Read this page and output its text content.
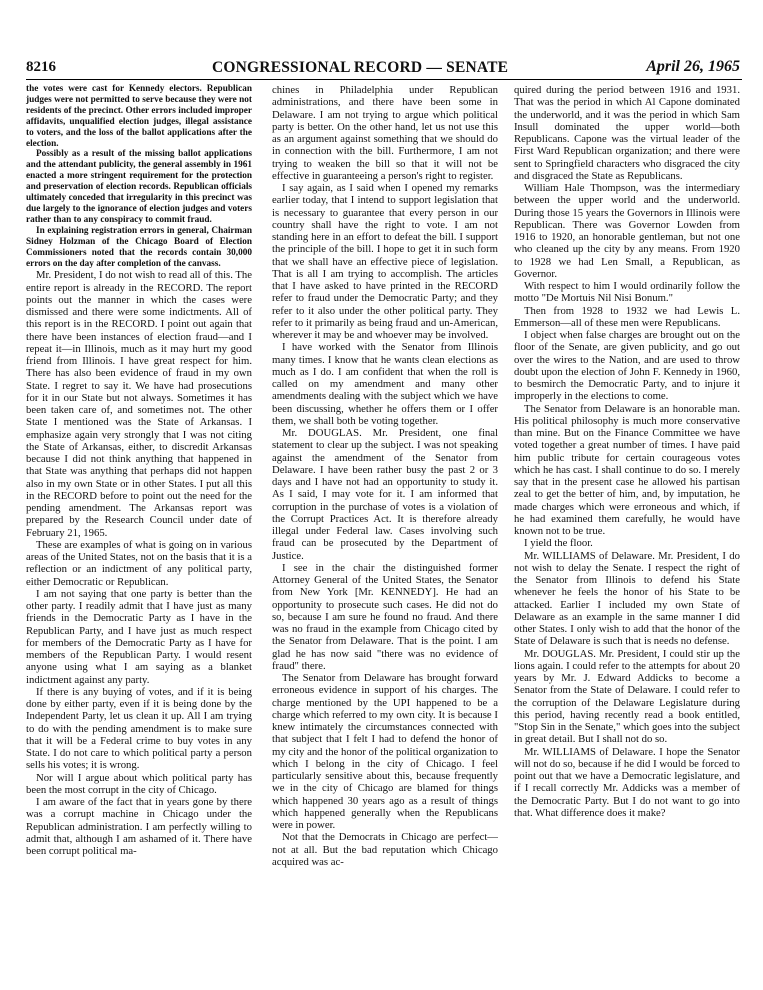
8216	CONGRESSIONAL RECORD — SENATE	April 26, 1965

the votes were cast for Kennedy electors. Republican judges were not permitted to serve because they were not residents of the precinct. Other errors included improper affidavits, unqualified election judges, illegal assistance to voters, and the loss of the ballot applications after the election.

Possibly as a result of the missing ballot applications and the attendant publicity, the general assembly in 1961 enacted a more stringent requirement for the protection and preservation of election records. Republican officials ultimately conceded that irregularity in this precinct was due largely to the ignorance of election judges and voters rather than to any conspiracy to commit fraud.

In explaining registration errors in general, Chairman Sidney Holzman of the Chicago Board of Election Commissioners noted that the records contain 30,000 errors on the day after completion of the canvass.

Mr. President, I do not wish to read all of this. The entire report is already in the RECORD. The report points out the manner in which the cases were dismissed and there were some indictments. All of this report is in the RECORD. I point out again that there have been instances of election fraud—and I repeat it—in Illinois, much as it may hurt my good friend from Illinois. I have great respect for him. There has also been evidence of fraud in my own State. I regret to say it. We have had prosecutions for it in our State but not always. Sometimes it has been taken care of, and sometimes not. The other State I mentioned was the State of Arkansas. I emphasize again very strongly that I was not citing the State of Arkansas, either, to discredit Arkansas because I did not think anything that happened in that State was anything that perhaps did not happen also in my own State or in other States. I put all this in the RECORD before to point out the need for the pending amendment. The Arkansas report was prepared by the Research Council under date of February 21, 1965.

These are examples of what is going on in various areas of the United States, not on the basis that it is a reflection or an indictment of any political party, either Democratic or Republican.

I am not saying that one party is better than the other party. I readily admit that I have just as many friends in the Democratic Party as I have in the Republican Party, and I have just as much respect for members of the Democratic Party as I have for members of the Republican Party. I would resent anyone using what I am saying as a blanket indictment against any party.

If there is any buying of votes, and if it is being done by either party, even if it is being done by the Independent Party, let us clean it up. All I am trying to do with the pending amendment is to make sure that it will be a Federal crime to buy votes in any State. I do not care to which political party a person sells his votes; it is wrong.

Nor will I argue about which political party has been the most corrupt in the city of Chicago.

I am aware of the fact that in years gone by there was a corrupt machine in Chicago under the Republican administration. I am perfectly willing to admit that, although I am ashamed of it. There have been corrupt political ma-

chines in Philadelphia under Republican administrations, and there have been some in Delaware. I am not trying to argue which political party is better. On the other hand, let us not use this as an argument against something that we should do in connection with the bill. Furthermore, I am not trying to weaken the bill so that it will not be effective in guaranteeing a person's right to register.

I say again, as I said when I opened my remarks earlier today, that I intend to support legislation that is necessary to guarantee that every person in our country shall have the right to vote. I am not standing here in an effort to defeat the bill. I support the principle of the bill. I hope to get it in such form that we shall have an effective piece of legislation. That is all I am trying to accomplish. The articles that I have asked to have printed in the RECORD refer to fraud under the Democratic Party; and they refer to it also under the other political party. They refer to it primarily as being fraud and un-American, wherever it may be and whoever may be involved.

I have worked with the Senator from Illinois many times. I know that he wants clean elections as much as I do. I am confident that when the roll is called on my amendment and many other amendments dealing with the subject which we have been discussing, whether he offers them or I offer them, we shall both be voting together.

Mr. DOUGLAS. Mr. President, one final statement to clear up the subject. I was not speaking against the amendment of the Senator from Delaware. I have been rather busy the past 2 or 3 days and I have not had an opportunity to study it. As I said, I may vote for it. I am informed that corruption in the purchase of votes is a violation of the Corrupt Practices Act. It is therefore already illegal under Federal law. Cases involving such fraud can be prosecuted by the Department of Justice.

I see in the chair the distinguished former Attorney General of the United States, the Senator from New York [Mr. KENNEDY]. He had an opportunity to prosecute such cases. He did not do so, because I am sure he found no fraud. And there was no fraud in the example from Chicago cited by the Senator from Delaware. That is the point. I am glad he has now said "there was no evidence of fraud" there.

The Senator from Delaware has brought forward erroneous evidence in support of his charges. The charge mentioned by the UPI happened to be a charge which referred to my own city. It is because I knew intimately the circumstances connected with that subject that I felt I had to defend the honor of my city and the honor of the political organization to which I belong in the city of Chicago. I feel particularly sensitive about this, because frequently we in the city of Chicago are blamed for things which happened 30 years ago as a result of things which happened generally when the Republicans were in power.

Not that the Democrats in Chicago are perfect—not at all. But the bad reputation which Chicago acquired was ac-

quired during the period between 1916 and 1931. That was the period in which Al Capone dominated the underworld, and it was the period in which Sam Insull dominated the upper world—both Republicans. Capone was the virtual leader of the First Ward Republican organization; and there were sent to Springfield characters who disgraced the city and disgraced the State as Republicans.

William Hale Thompson, was the intermediary between the upper world and the underworld. During those 15 years the Governors in Illinois were Republican. There was Governor Lowden from 1916 to 1920, an honorable gentleman, but not one who cleaned up the city by any means. From 1920 to 1928 we had Len Small, a Republican, as Governor.

With respect to him I would ordinarily follow the motto "De Mortuis Nil Nisi Bonum."

Then from 1928 to 1932 we had Lewis L. Emmerson—all of these men were Republicans.

I object when false charges are brought out on the floor of the Senate, are given publicity, and go out over the wires to the Nation, and are used to throw doubt upon the election of John F. Kennedy in 1960, to besmirch the Democratic Party, and to injure it improperly in the elections to come.

The Senator from Delaware is an honorable man. His political philosophy is much more conservative than mine. But on the Finance Committee we have voted together a great number of times. I have paid him public tribute for certain courageous votes which he has cast. I shall continue to do so. I merely say that in the present case he allowed his partisan zeal to get the better of him, and, by imputation, he made charges which were erroneous and which, if he had examined them carefully, he would have known not to be true.

I yield the floor.

Mr. WILLIAMS of Delaware. Mr. President, I do not wish to delay the Senate. I respect the right of the Senator from Illinois to defend his State whenever he feels the honor of his State to be attacked. Earlier I included my own State of Delaware as an example in the same manner I did other States. I only wish to add that the honor of the State of Delaware is such that is needs no defense.

Mr. DOUGLAS. Mr. President, I could stir up the lions again. I could refer to the attempts for about 20 years by Mr. J. Edward Addicks to become a Senator from the State of Delaware. I could refer to the corruption of the Delaware Legislature during this period, having recently read a book entitled, "Stop Sin in the Senate," which goes into the subject in great detail. But I shall not do so.

Mr. WILLIAMS of Delaware. I hope the Senator will not do so, because if he did I would be forced to point out that we have a Democratic legislature, and if I recall correctly Mr. Addicks was a member of the Democratic Party. But I do not want to go into that. What difference does it make?
